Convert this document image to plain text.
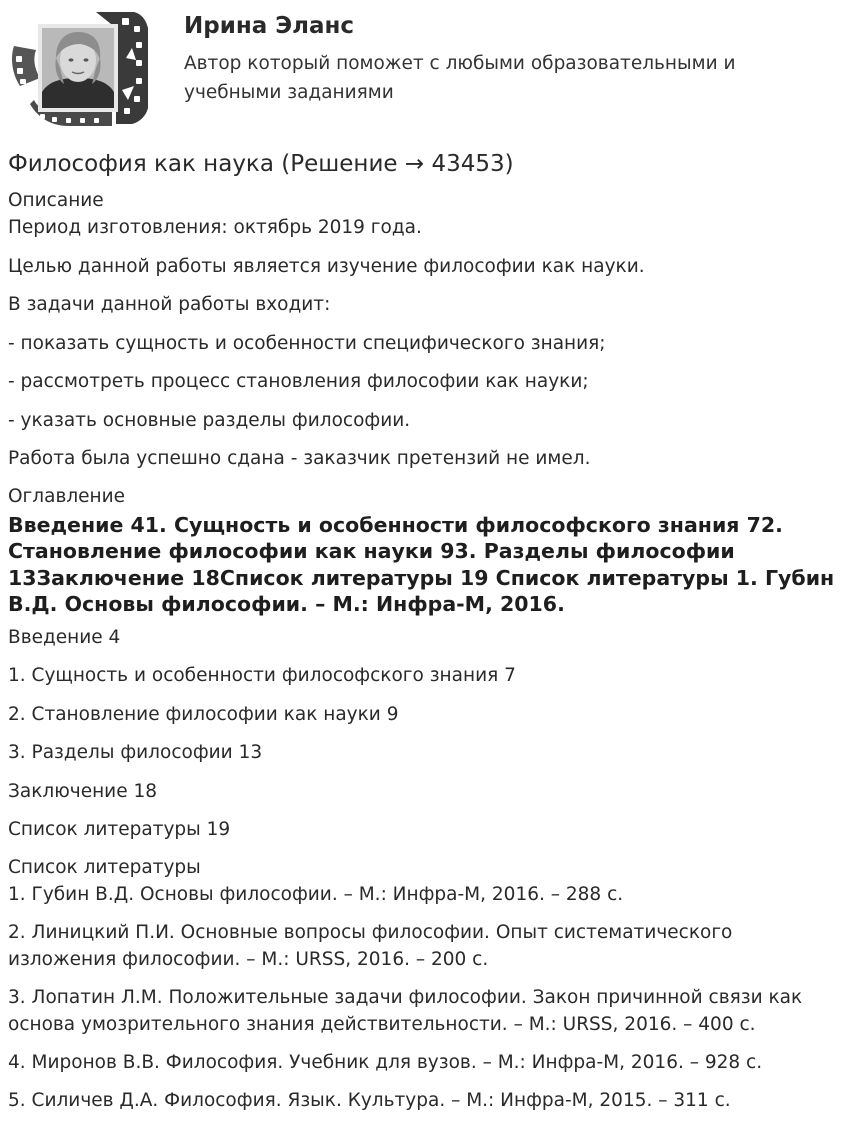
Ирина Эланс
Автор который поможет с любыми образовательными и учебными заданиями
Философия как наука (Решение → 43453)
Описание

Период изготовления: октябрь 2019 года.

Целью данной работы является изучение философии как науки.

В задачи данной работы входит:

- показать сущность и особенности специфического знания;

- рассмотреть процесс становления философии как науки;

- указать основные разделы философии.

Работа была успешно сдана - заказчик претензий не имел.

Оглавление
Введение 41. Сущность и особенности философского знания 72. Становление философии как науки 93. Разделы философии 13Заключение 18Список литературы 19 Список литературы 1. Губин В.Д. Основы философии. – М.: Инфра-М, 2016.

Введение 4

1. Сущность и особенности философского знания 7

2. Становление философии как науки 9

3. Разделы философии 13

Заключение 18

Список литературы 19

Список литературы

1. Губин В.Д. Основы философии. – М.: Инфра-М, 2016. – 288 с.

2. Линицкий П.И. Основные вопросы философии. Опыт систематического изложения философии. – М.: URSS, 2016. – 200 с.

3. Лопатин Л.М. Положительные задачи философии. Закон причинной связи как основа умозрительного знания действительности. – М.: URSS, 2016. – 400 с.

4. Миронов В.В. Философия. Учебник для вузов. – М.: Инфра-М, 2016. – 928 с.

5. Силичев Д.А. Философия. Язык. Культура. – М.: Инфра-М, 2015. – 311 с.
